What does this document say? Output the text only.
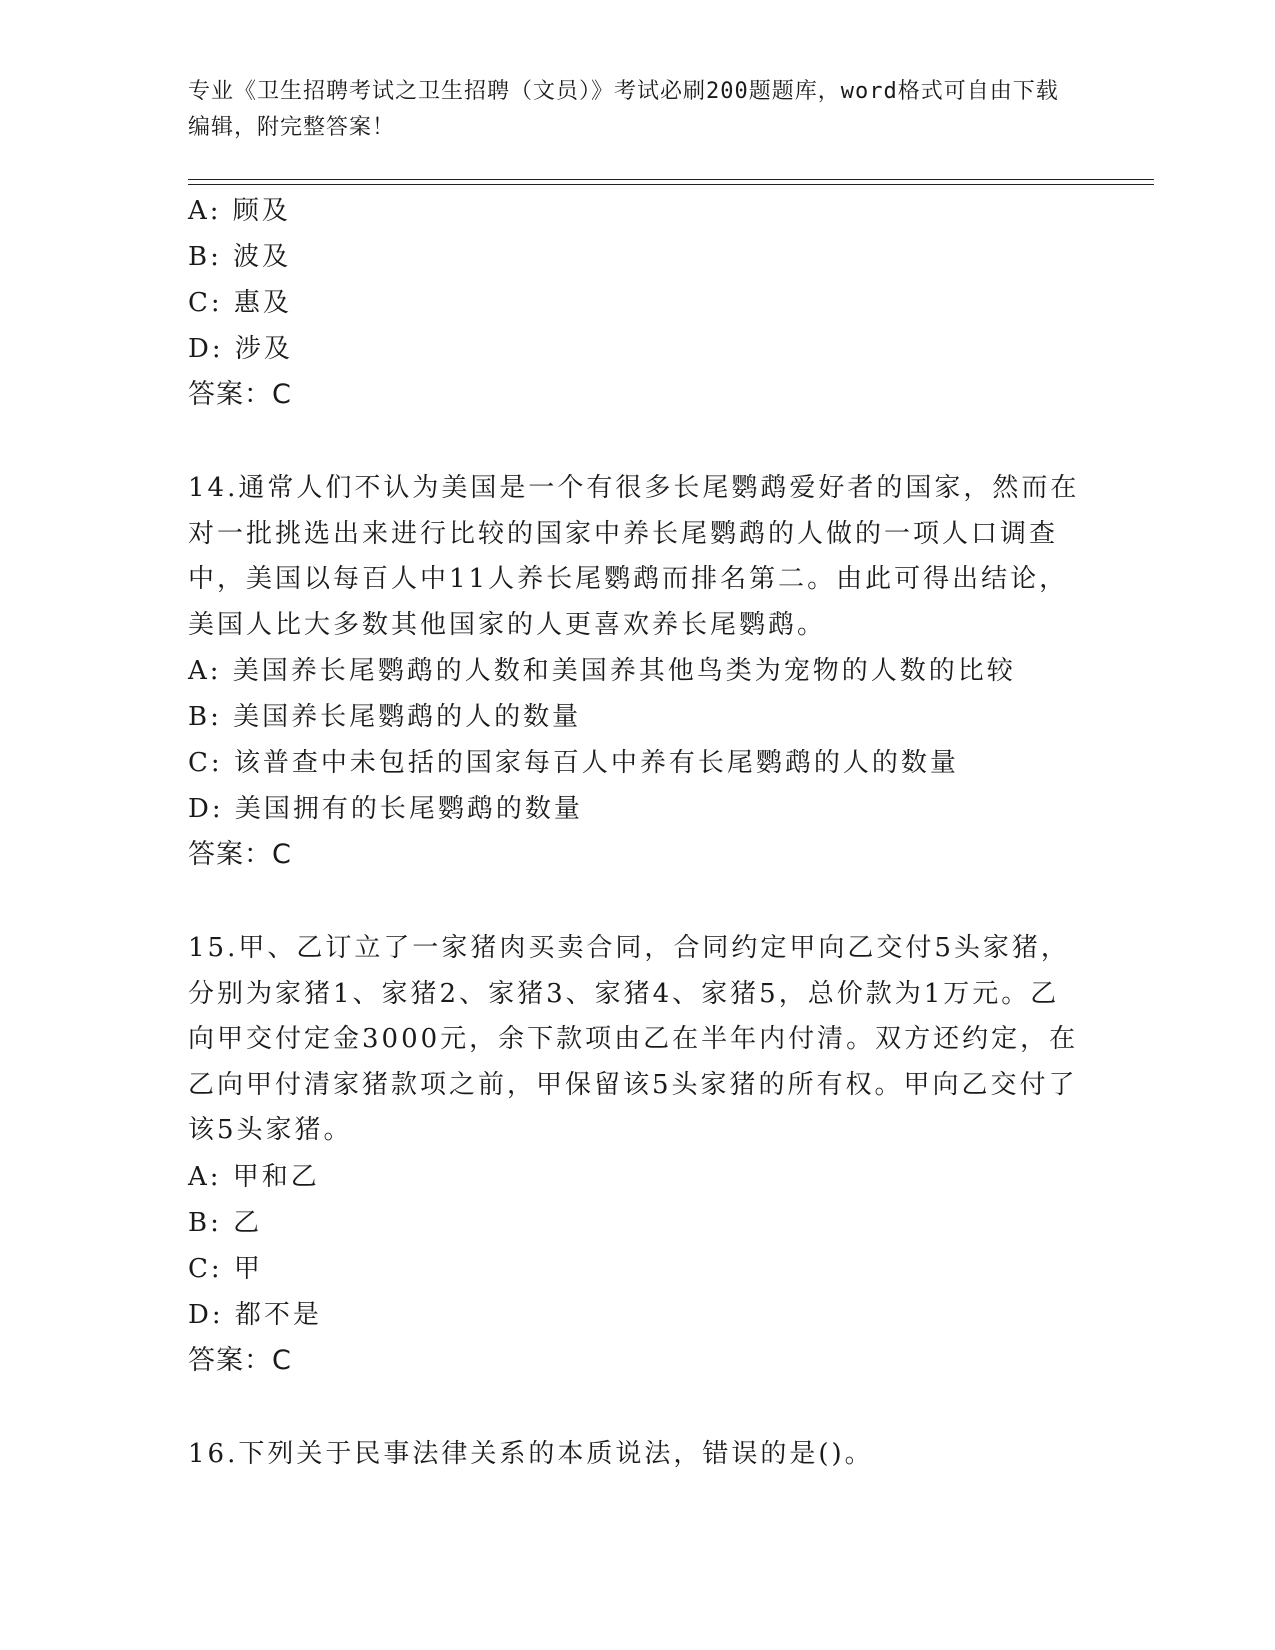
专业《卫生招聘考试之卫生招聘（文员）》考试必刷200题题库，word格式可自由下载编辑，附完整答案！
A: 顾及
B: 波及
C: 惠及
D: 涉及
答案：C

14.通常人们不认为美国是一个有很多长尾鹦鹉爱好者的国家，然而在对一批挑选出来进行比较的国家中养长尾鹦鹉的人做的一项人口调查中，美国以每百人中11人养长尾鹦鹉而排名第二。由此可得出结论，美国人比大多数其他国家的人更喜欢养长尾鹦鹉。

A: 美国养长尾鹦鹉的人数和美国养其他鸟类为宠物的人数的比较
B: 美国养长尾鹦鹉的人的数量
C: 该普查中未包括的国家每百人中养有长尾鹦鹉的人的数量
D: 美国拥有的长尾鹦鹉的数量
答案：C

15.甲、乙订立了一家猪肉买卖合同，合同约定甲向乙交付5头家猪，分别为家猪1、家猪2、家猪3、家猪4、家猪5，总价款为1万元。乙向甲交付定金3000元，余下款项由乙在半年内付清。双方还约定，在乙向甲付清家猪款项之前，甲保留该5头家猪的所有权。甲向乙交付了该5头家猪。

A: 甲和乙
B: 乙
C: 甲
D: 都不是
答案：C

16.下列关于民事法律关系的本质说法，错误的是()。
